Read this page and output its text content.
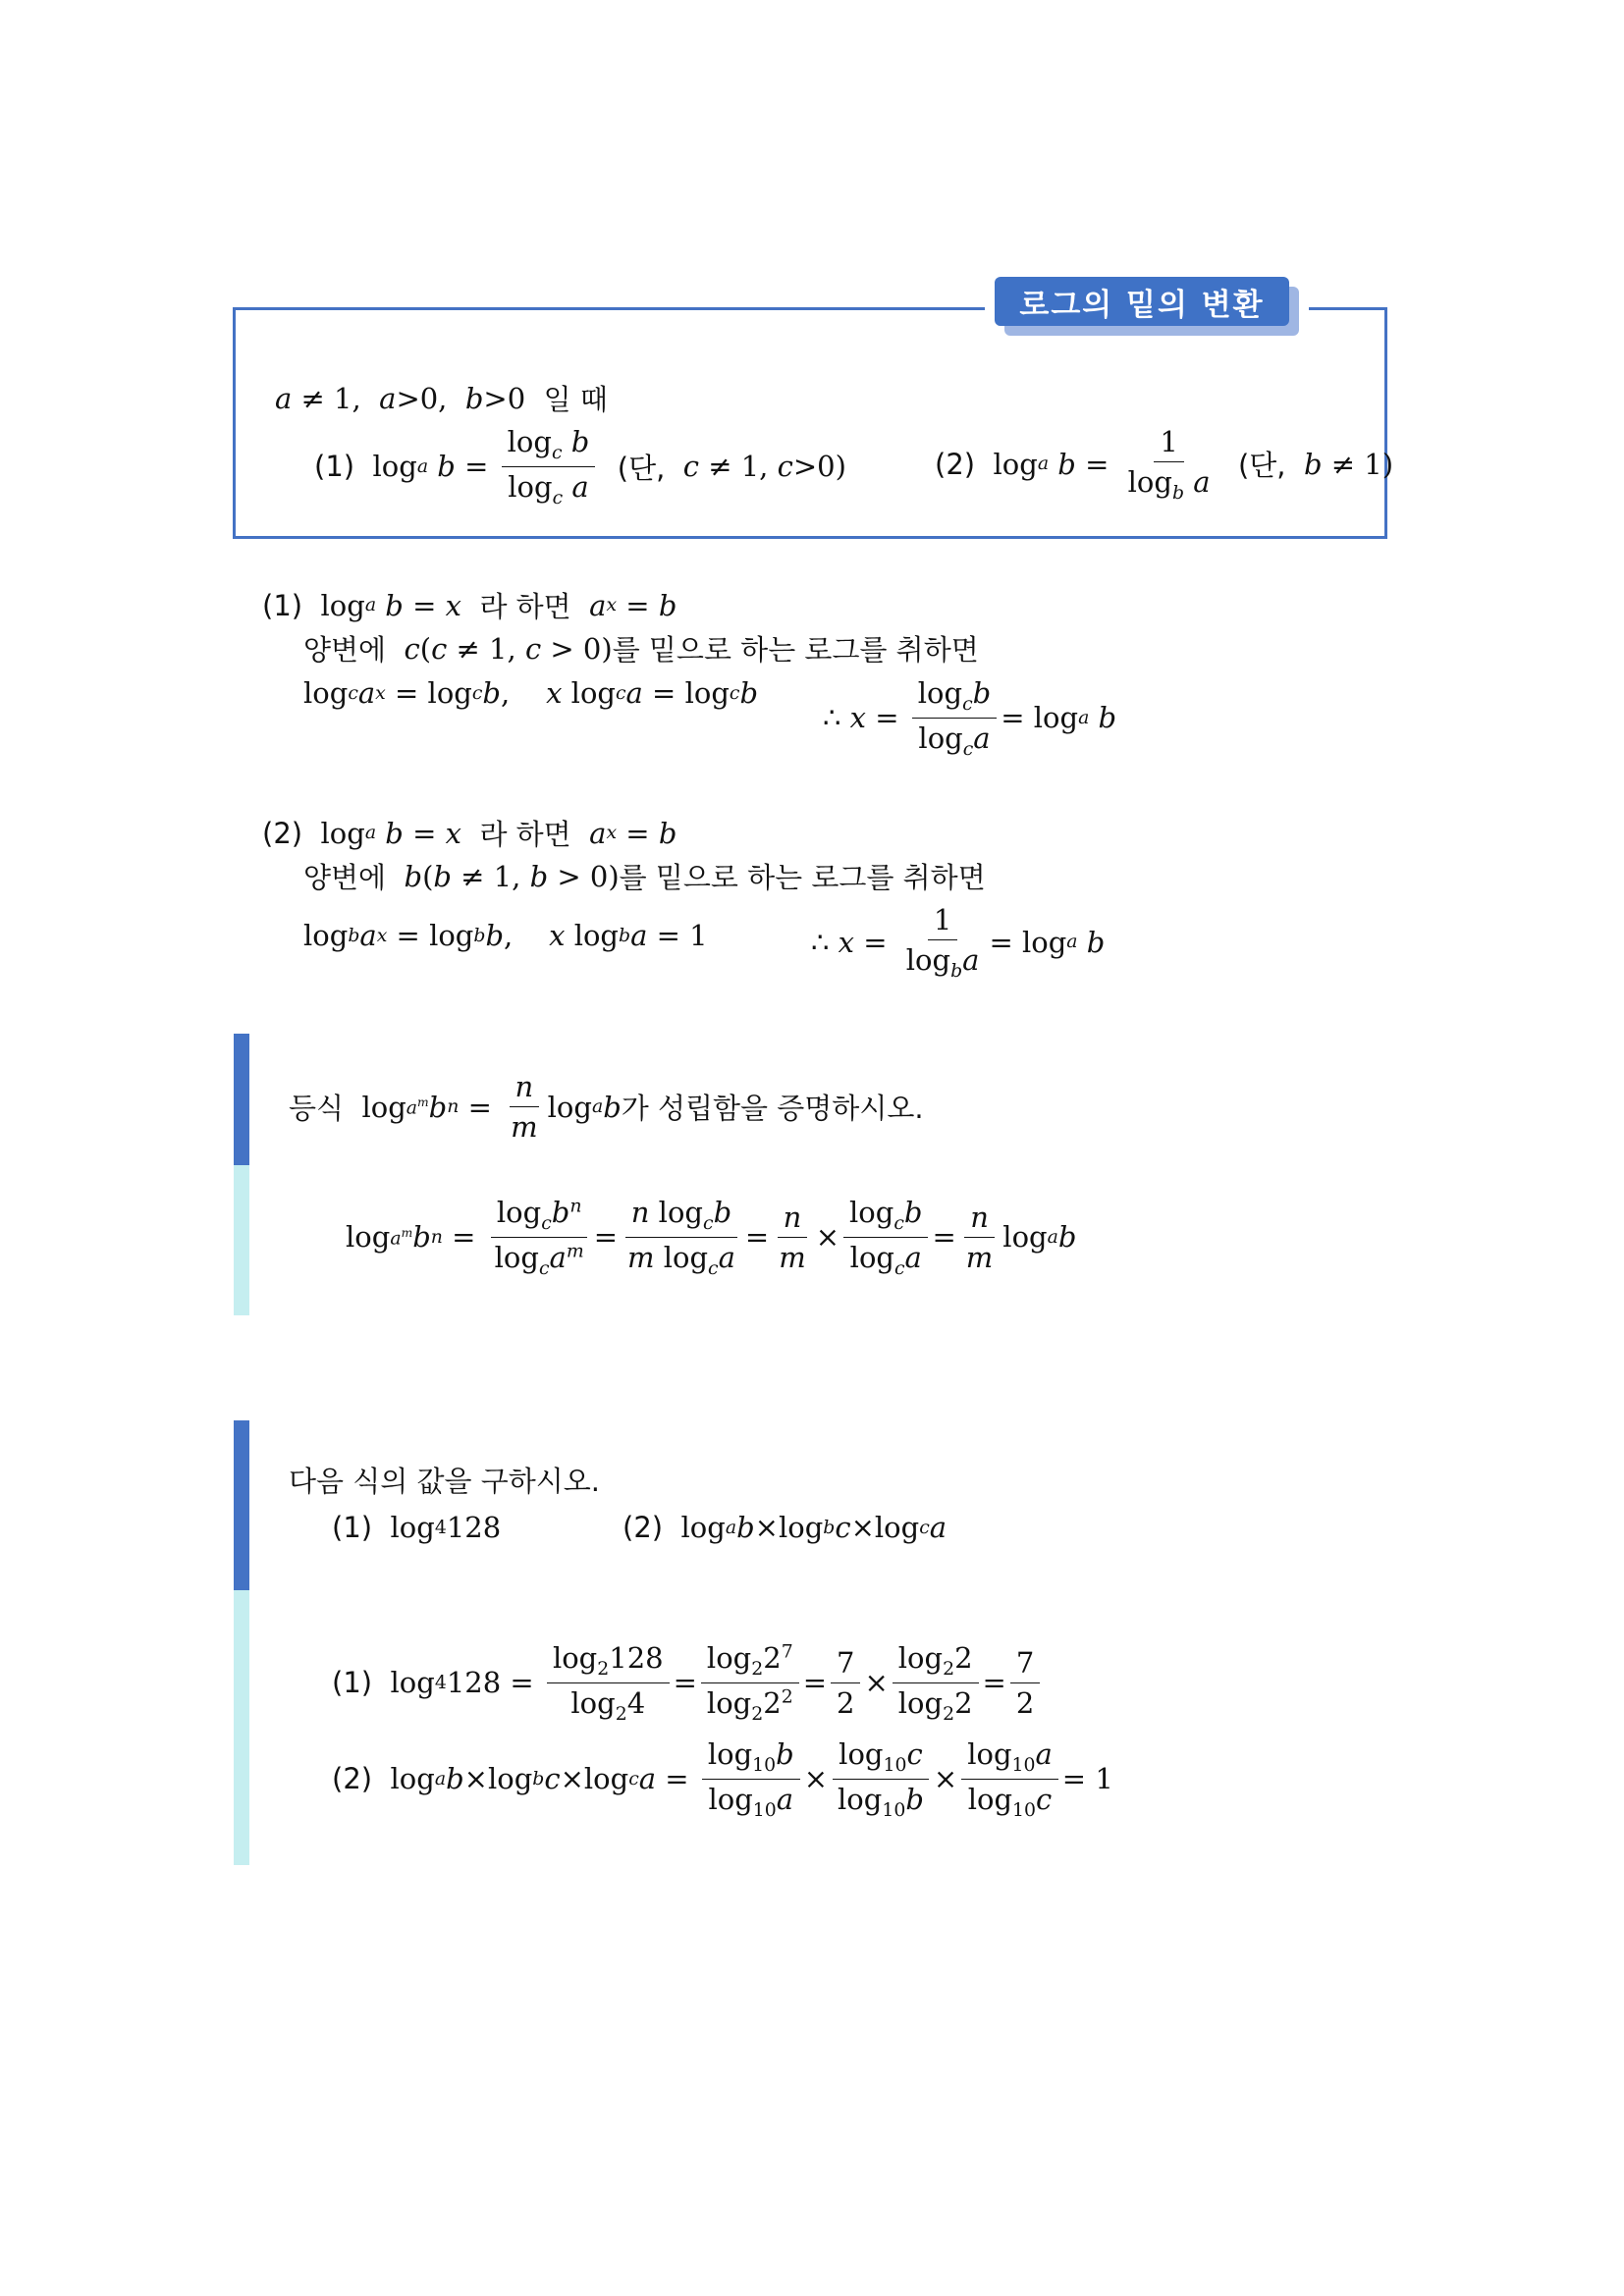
로그의 밑의 변환
a ≠ 1, a >0, b >0 일 때
(1)
log a $b = \frac{\log_c b}{\log_c a}$
(단,
c ≠ 1, c >0)	(2)
log a $b = \frac{1}{\log_b a}$
(단,
b ≠ 1)
(1)
log a b = x
라 하면
a x = b
양변에
c ( c ≠ 1, c > 0) 를 밑으로 하는 로그를 취하면
log c a x = log c b , x log c a = log c b
∴ $x = \frac{\log_cb}{\log_ca} = \log a$ b
(2)
log a b = x
라 하면
a x = b
양변에
b ( b ≠ 1, b > 0) 를 밑으로 하는 로그를 취하면
log b a x = log b b , x log b a = 1	∴ $x = \frac{1}{\log_ba} = \log a$ b
등식
$\log a^m$ b $n = \frac{n}{m}$ log a b 가 성립함을 증명하시오.
$\log a^m$ b $n = \frac{\log_cb^n}{\log_ca^m} = \frac{n \log_cb}{m \log_ca} = \frac{n}{m} \times \frac{\log_cb}{\log_ca} = \frac{n}{m}$ log a b
다음 식의 값을 구하시오.
(1)
log 4 128	(2)
log a b ×log b c ×log c a
(1)
log 4 $128 = \frac{\log_2128}{\log_24} = \frac{\log_22^7}{\log_22^2} = \frac{7}{2} \times \frac{\log_22}{\log_22} = \frac{7}{2}$
(2)
log a b ×log b c ×log c $a = \frac{\log_{10}b}{\log_{10}a} \times \frac{\log_{10}c}{\log_{10}b} \times \frac{\log_{10}a}{\log_{10}c} = 1$
